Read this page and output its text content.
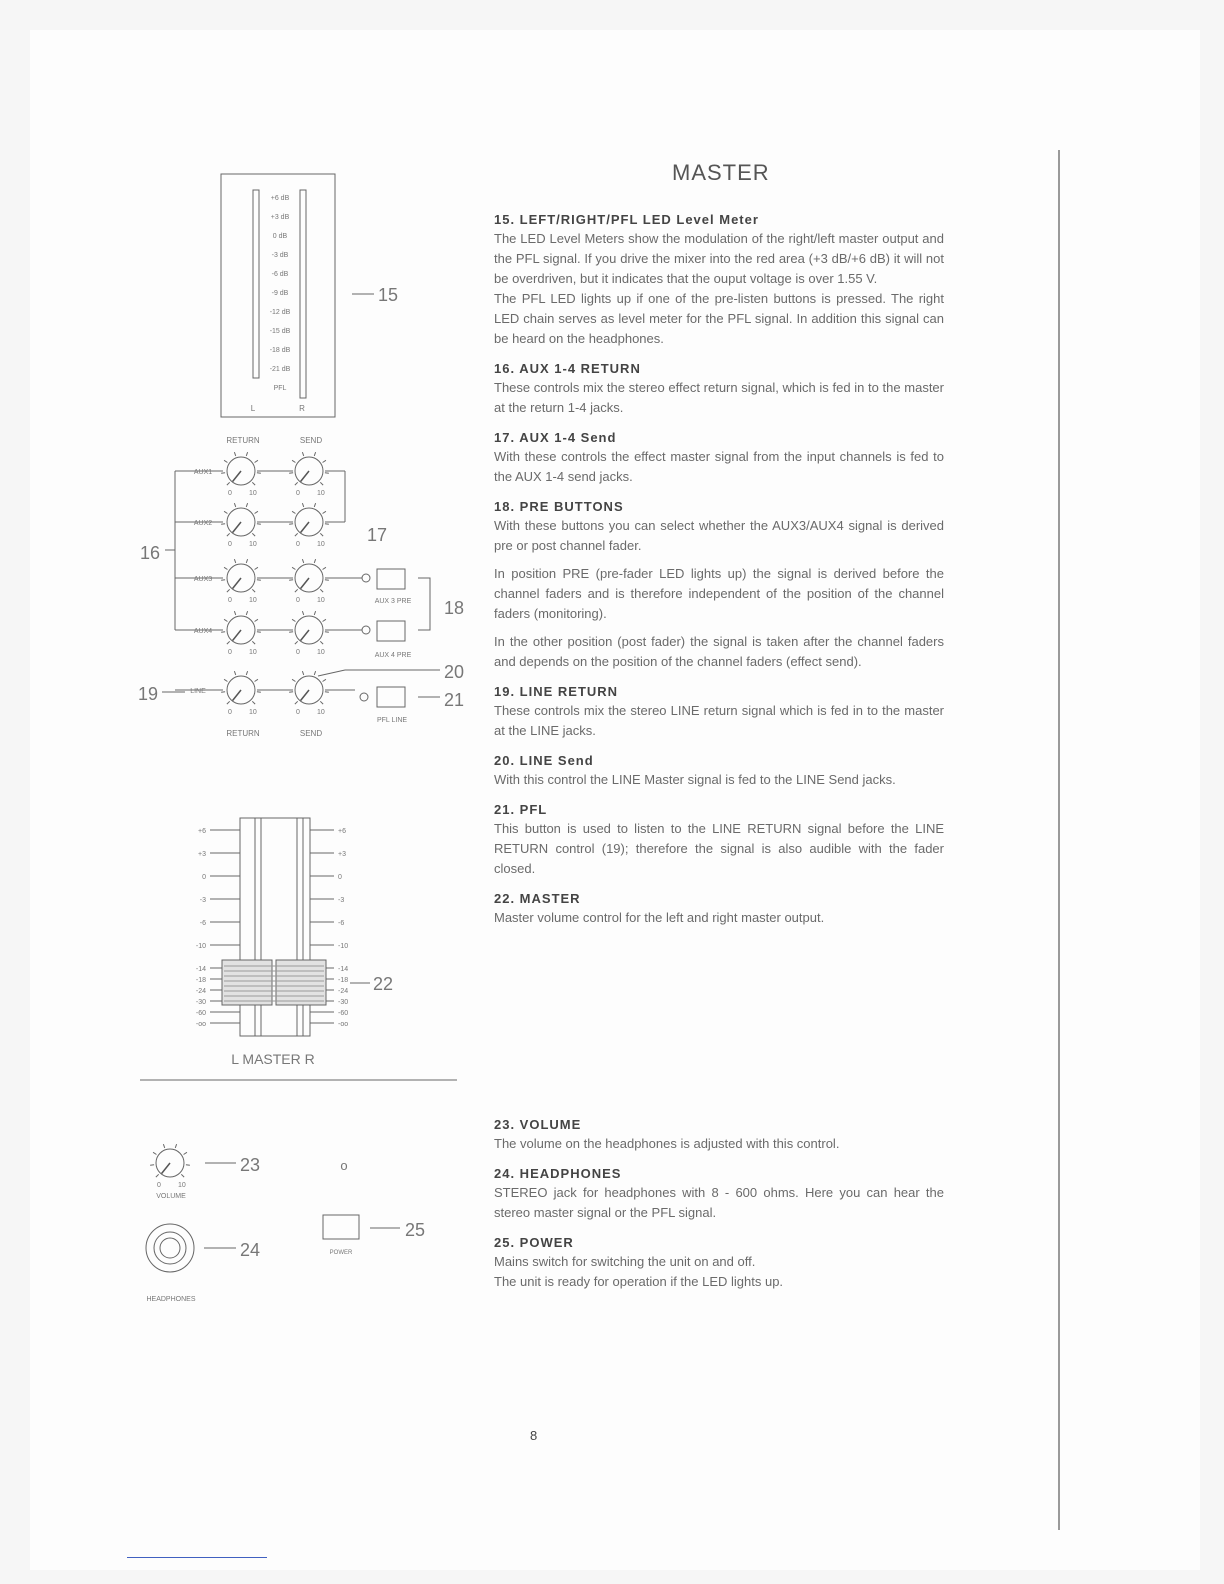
MASTER
15. LEFT/RIGHT/PFL LED Level Meter

The LED Level Meters show the modulation of the right/left master output and the PFL signal. If you drive the mixer into the red area (+3 dB/+6 dB) it will not be overdriven, but it indicates that the ouput voltage is over 1.55 V.

The PFL LED lights up if one of the pre-listen buttons is pressed. The right LED chain serves as level meter for the PFL signal. In addition this signal can be heard on the headphones.

16. AUX 1-4 RETURN

These controls mix the stereo effect return signal, which is fed in to the master at the return 1-4 jacks.

17. AUX 1-4 Send

With these controls the effect master signal from the input channels is fed to the AUX 1-4 send jacks.

18. PRE BUTTONS

With these buttons you can select whether the AUX3/AUX4 signal is derived pre or post channel fader.

In position PRE (pre-fader LED lights up) the signal is derived before the channel faders and is therefore independent of the position of the channel faders (monitoring).

In the other position (post fader) the signal is taken after the channel faders and depends on the position of the channel faders (effect send).

19. LINE RETURN

These controls mix the stereo LINE return signal which is fed in to the master at the LINE jacks.

20. LINE Send

With this control the LINE Master signal is fed to the LINE Send jacks.

21. PFL

This button is used to listen to the LINE RETURN signal before the LINE RETURN control (19); therefore the signal is also audible with the fader closed.

22. MASTER

Master volume control for the left and right master output.

23. VOLUME

The volume on the headphones is adjusted with this control.

24. HEADPHONES

STEREO jack for headphones with 8 - 600 ohms. Here you can hear the stereo master signal or the PFL signal.

25. POWER

Mains switch for switching the unit on and off.

The unit is ready for operation if the LED lights up.

+6 dB
+3 dB
0 dB
-3 dB
-6 dB
-9 dB
-12 dB
-15 dB
-18 dB
-21 dB
PFL
L	R
15
RETURN	SEND
0 10	0 10
AUX1
0 10	0 10
AUX2
0 10	0 10
AUX3
0 10	0 10
AUX4
16
17
AUX 3 PRE
AUX 4 PRE
18
0 10	0 10
LINE
19
RETURN	SEND
PFL LINE
20
21
+6	+6
+3	+3
0	0
-3	-3
-6	-6
-10	-10
-14	-14
-18	-18
-24	-24
-30	-30
-60	-60
-oo	-oo
22
L MASTER R
0 10
23
VOLUME
24
HEADPHONES
o
25
POWER
8
